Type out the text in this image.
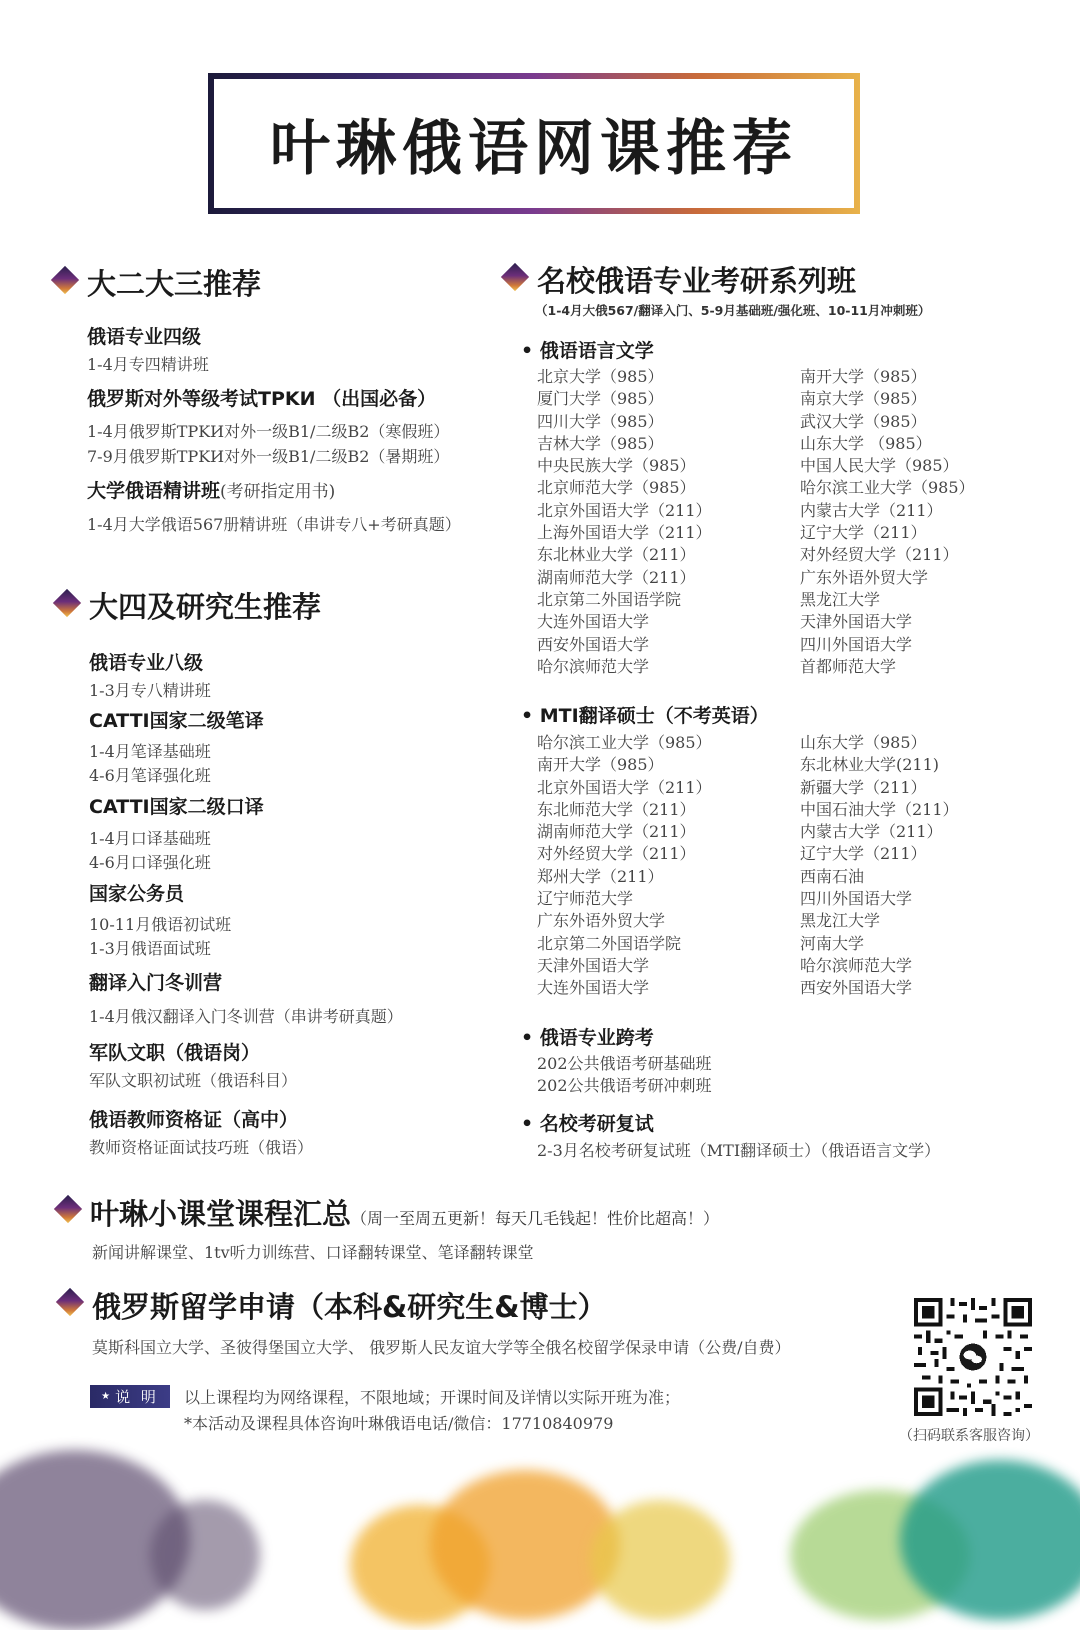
叶琳俄语网课推荐
大二大三推荐
俄语专业四级
1-4月专四精讲班
俄罗斯对外等级考试TPKИ （出国必备）
1-4月俄罗斯TPKИ对外一级B1/二级B2（寒假班）
7-9月俄罗斯TPKИ对外一级B1/二级B2（暑期班）
大学俄语精讲班(考研指定用书)
1-4月大学俄语567册精讲班（串讲专八+考研真题）
大四及研究生推荐
俄语专业八级
1-3月专八精讲班
CATTI国家二级笔译
1-4月笔译基础班
4-6月笔译强化班
CATTI国家二级口译
1-4月口译基础班
4-6月口译强化班
国家公务员
10-11月俄语初试班
1-3月俄语面试班
翻译入门冬训营
1-4月俄汉翻译入门冬训营（串讲考研真题）
军队文职（俄语岗）
军队文职初试班（俄语科目）
俄语教师资格证（高中）
教师资格证面试技巧班（俄语）
名校俄语专业考研系列班
（1-4月大俄567/翻译入门、5-9月基础班/强化班、10-11月冲刺班）
• 俄语语言文学
北京大学（985）
厦门大学（985）
四川大学（985）
吉林大学（985）
中央民族大学（985）
北京师范大学（985）
北京外国语大学（211）
上海外国语大学（211）
东北林业大学（211）
湖南师范大学（211）
北京第二外国语学院
大连外国语大学
西安外国语大学
哈尔滨师范大学
南开大学（985）
南京大学（985）
武汉大学（985）
山东大学 （985）
中国人民大学（985）
哈尔滨工业大学（985）
内蒙古大学（211）
辽宁大学（211）
对外经贸大学（211）
广东外语外贸大学
黑龙江大学
天津外国语大学
四川外国语大学
首都师范大学
• MTI翻译硕士（不考英语）
哈尔滨工业大学（985）
南开大学（985）
北京外国语大学（211）
东北师范大学（211）
湖南师范大学（211）
对外经贸大学（211）
郑州大学（211）
辽宁师范大学
广东外语外贸大学
北京第二外国语学院
天津外国语大学
大连外国语大学
山东大学（985）
东北林业大学(211)
新疆大学（211）
中国石油大学（211）
内蒙古大学（211）
辽宁大学（211）
西南石油
四川外国语大学
黑龙江大学
河南大学
哈尔滨师范大学
西安外国语大学
• 俄语专业跨考
202公共俄语考研基础班
202公共俄语考研冲刺班
• 名校考研复试
2-3月名校考研复试班（MTI翻译硕士）（俄语语言文学）
叶琳小课堂课程汇总（周一至周五更新！每天几毛钱起！性价比超高！）
新闻讲解课堂、1tv听力训练营、口译翻转课堂、笔译翻转课堂
俄罗斯留学申请（本科&研究生&博士）
莫斯科国立大学、圣彼得堡国立大学、 俄罗斯人民友谊大学等全俄名校留学保录申请（公费/自费）
★ 说 明 以上课程均为网络课程，不限地域；开课时间及详情以实际开班为准；
*本活动及课程具体咨询叶琳俄语电话/微信：17710840979
（扫码联系客服咨询）
